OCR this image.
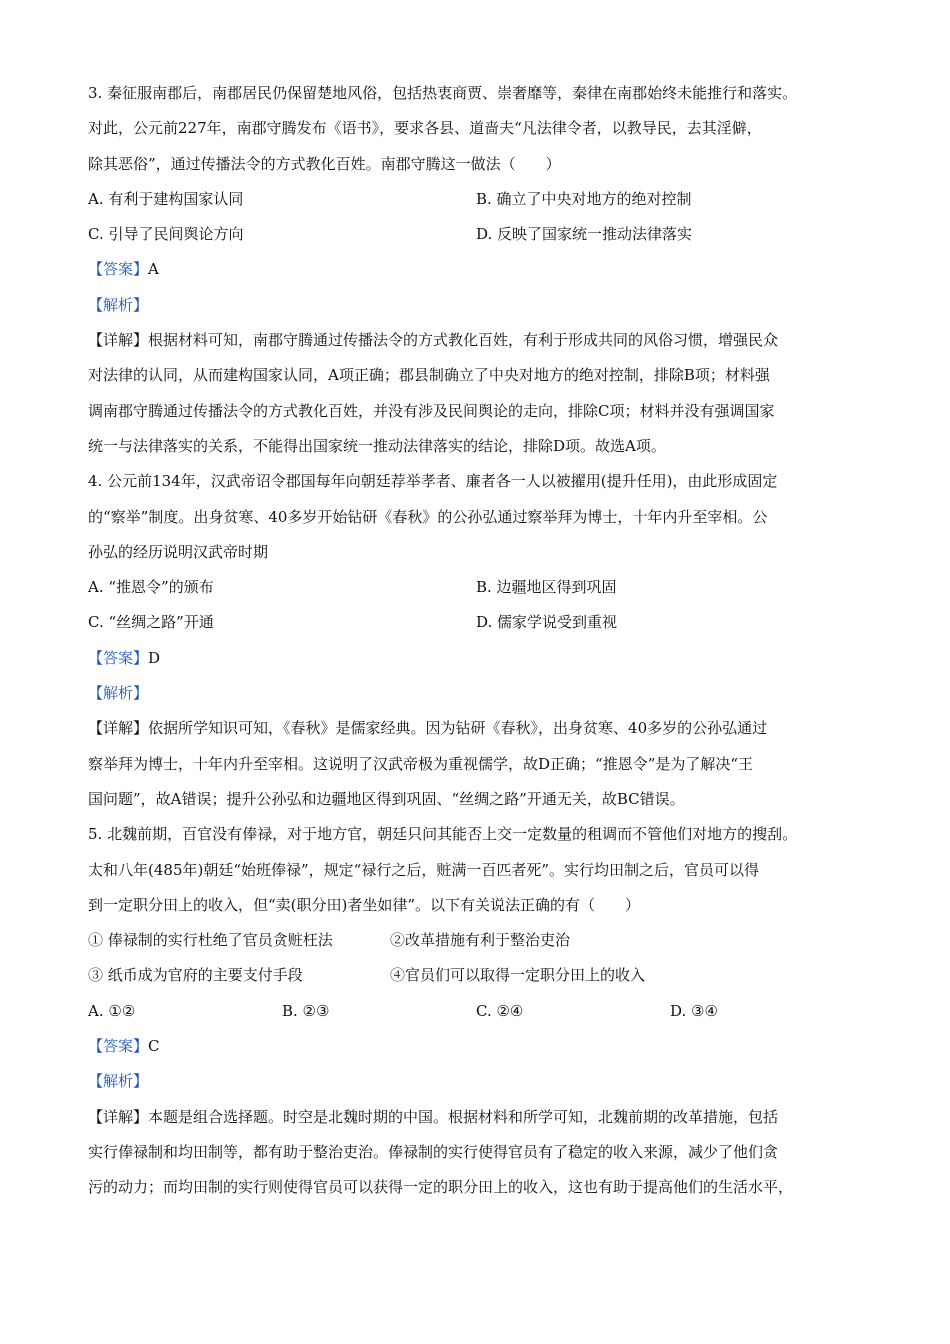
3. 秦征服南郡后，南郡居民仍保留楚地风俗，包括热衷商贾、崇奢靡等，秦律在南郡始终未能推行和落实。
对此，公元前227年，南郡守腾发布《语书》，要求各县、道啬夫“凡法律令者，以教导民，去其淫僻，
除其恶俗”，通过传播法令的方式教化百姓。南郡守腾这一做法（　　）
A. 有利于建构国家认同	B. 确立了中央对地方的绝对控制
C. 引导了民间舆论方向	D. 反映了国家统一推动法律落实
【答案】A
【解析】
【详解】根据材料可知，南郡守腾通过传播法令的方式教化百姓，有利于形成共同的风俗习惯，增强民众
对法律的认同，从而建构国家认同，A项正确；郡县制确立了中央对地方的绝对控制，排除B项；材料强
调南郡守腾通过传播法令的方式教化百姓，并没有涉及民间舆论的走向，排除C项；材料并没有强调国家
统一与法律落实的关系，不能得出国家统一推动法律落实的结论，排除D项。故选A项。
4. 公元前134年，汉武帝诏令郡国每年向朝廷荐举孝者、廉者各一人以被擢用(提升任用)，由此形成固定
的“察举”制度。出身贫寒、40多岁开始钻研《春秋》的公孙弘通过察举拜为博士，十年内升至宰相。公
孙弘的经历说明汉武帝时期
A. “推恩令”的颁布	B. 边疆地区得到巩固
C. “丝绸之路”开通	D. 儒家学说受到重视
【答案】D
【解析】
【详解】依据所学知识可知，《春秋》是儒家经典。因为钻研《春秋》，出身贫寒、40多岁的公孙弘通过
察举拜为博士，十年内升至宰相。这说明了汉武帝极为重视儒学，故D正确；“推恩令”是为了解决“王
国问题”，故A错误；提升公孙弘和边疆地区得到巩固、“丝绸之路”开通无关，故BC错误。
5. 北魏前期，百官没有俸禄，对于地方官，朝廷只问其能否上交一定数量的租调而不管他们对地方的搜刮。
太和八年(485年)朝廷“始班俸禄”，规定“禄行之后，赃满一百匹者死”。实行均田制之后，官员可以得
到一定职分田上的收入，但“卖(职分田)者坐如律”。以下有关说法正确的有（　　）
① 俸禄制的实行杜绝了官员贪赃枉法	②改革措施有利于整治吏治
③ 纸币成为官府的主要支付手段	④官员们可以取得一定职分田上的收入
A. ①②	B. ②③	C. ②④	D. ③④
【答案】C
【解析】
【详解】本题是组合选择题。时空是北魏时期的中国。根据材料和所学可知，北魏前期的改革措施，包括
实行俸禄制和均田制等，都有助于整治吏治。俸禄制的实行使得官员有了稳定的收入来源，减少了他们贪
污的动力；而均田制的实行则使得官员可以获得一定的职分田上的收入，这也有助于提高他们的生活水平，
